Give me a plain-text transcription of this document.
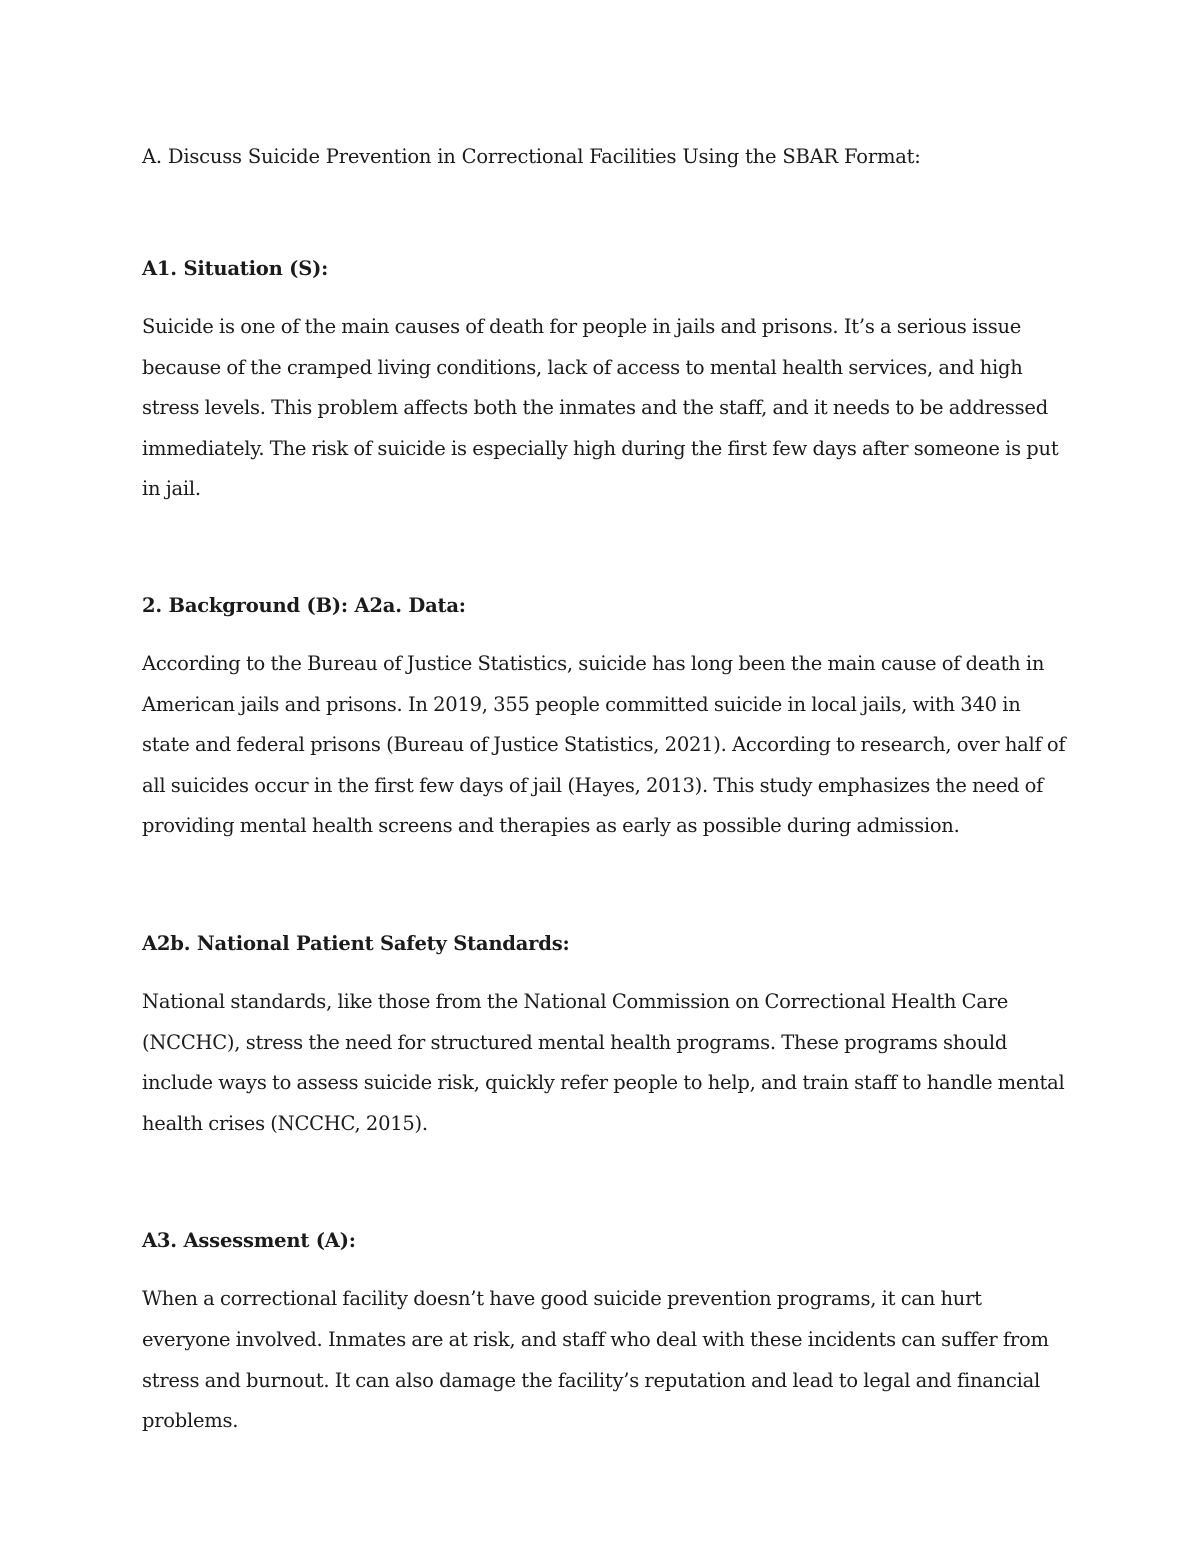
A. Discuss Suicide Prevention in Correctional Facilities Using the SBAR Format:

A1. Situation (S):

Suicide is one of the main causes of death for people in jails and prisons. It’s a serious issue because of the cramped living conditions, lack of access to mental health services, and high stress levels. This problem affects both the inmates and the staff, and it needs to be addressed immediately. The risk of suicide is especially high during the first few days after someone is put in jail.

2. Background (B): A2a. Data:

According to the Bureau of Justice Statistics, suicide has long been the main cause of death in American jails and prisons. In 2019, 355 people committed suicide in local jails, with 340 in state and federal prisons (Bureau of Justice Statistics, 2021). According to research, over half of all suicides occur in the first few days of jail (Hayes, 2013). This study emphasizes the need of providing mental health screens and therapies as early as possible during admission.

A2b. National Patient Safety Standards:

National standards, like those from the National Commission on Correctional Health Care (NCCHC), stress the need for structured mental health programs. These programs should include ways to assess suicide risk, quickly refer people to help, and train staff to handle mental health crises (NCCHC, 2015).

A3. Assessment (A):

When a correctional facility doesn’t have good suicide prevention programs, it can hurt everyone involved. Inmates are at risk, and staff who deal with these incidents can suffer from stress and burnout. It can also damage the facility’s reputation and lead to legal and financial problems.
